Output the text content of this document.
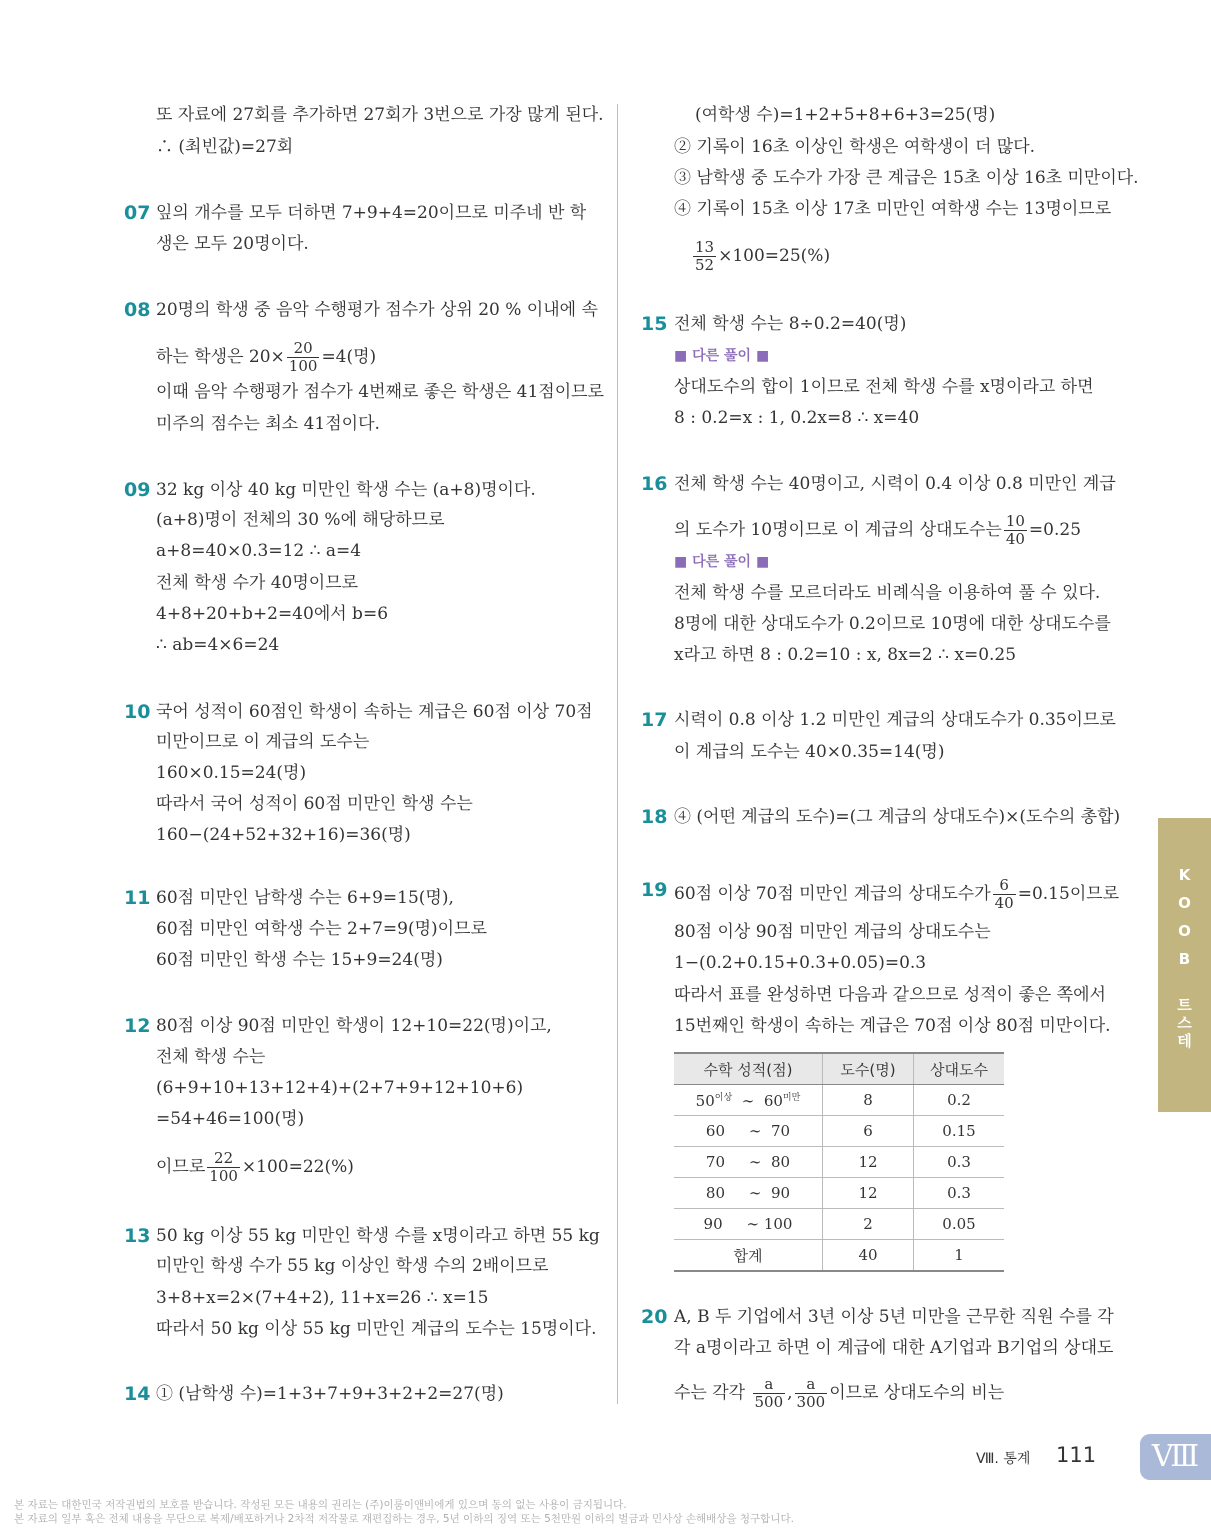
또 자료에 27회를 추가하면 27회가 3번으로 가장 많게 된다.
∴ (최빈값)=27회
07 잎의 개수를 모두 더하면 7+9+4=20이므로 미주네 반 학
생은 모두 20명이다.
08 20명의 학생 중 음악 수행평가 점수가 상위 20 % 이내에 속
하는 학생은 $20\times \frac{20}{100} =4$(명)
이때 음악 수행평가 점수가 4번째로 좋은 학생은 41점이므로
미주의 점수는 최소 41점이다.
09 32 kg 이상 40 kg 미만인 학생 수는 (a+8)명이다.
(a+8)명이 전체의 30 %에 해당하므로
a+8=40×0.3=12 ∴ a=4
전체 학생 수가 40명이므로
4+8+20+b+2=40에서 b=6
∴ ab=4×6=24
10 국어 성적이 60점인 학생이 속하는 계급은 60점 이상 70점
미만이므로 이 계급의 도수는
160×0.15=24(명)
따라서 국어 성적이 60점 미만인 학생 수는
160−(24+52+32+16)=36(명)
11 60점 미만인 남학생 수는 6+9=15(명),
60점 미만인 여학생 수는 2+7=9(명)이므로
60점 미만인 학생 수는 15+9=24(명)
12 80점 이상 90점 미만인 학생이 12+10=22(명)이고,
전체 학생 수는
(6+9+10+13+12+4)+(2+7+9+12+10+6)
=54+46=100(명)
이므로 $\frac{22}{100} \times 100=22(\%)$
13 50 kg 이상 55 kg 미만인 학생 수를 x명이라고 하면 55 kg
미만인 학생 수가 55 kg 이상인 학생 수의 2배이므로
3+8+x=2×(7+4+2), 11+x=26 ∴ x=15
따라서 50 kg 이상 55 kg 미만인 계급의 도수는 15명이다.
14 ① (남학생 수)=1+3+7+9+3+2+2=27(명)
(여학생 수)=1+2+5+8+6+3=25(명)
② 기록이 16초 이상인 학생은 여학생이 더 많다.
③ 남학생 중 도수가 가장 큰 계급은 15초 이상 16초 미만이다.
④ 기록이 15초 이상 17초 미만인 여학생 수는 13명이므로
$\frac{13}{52} \times 100=25(\%)$
15 전체 학생 수는 8÷0.2=40(명)
■ 다른 풀이 ■
상대도수의 합이 1이므로 전체 학생 수를 x명이라고 하면
8 : 0.2=x : 1, 0.2x=8 ∴ x=40
16 전체 학생 수는 40명이고, 시력이 0.4 이상 0.8 미만인 계급
의 도수가 10명이므로 이 계급의 상대도수는 $\frac{10}{40} =0.25$
■ 다른 풀이 ■
전체 학생 수를 모르더라도 비례식을 이용하여 풀 수 있다.
8명에 대한 상대도수가 0.2이므로 10명에 대한 상대도수를
x라고 하면 8 : 0.2=10 : x, 8x=2 ∴ x=0.25
17 시력이 0.8 이상 1.2 미만인 계급의 상대도수가 0.35이므로
이 계급의 도수는 40×0.35=14(명)
18 ④ (어떤 계급의 도수)=(그 계급의 상대도수)×(도수의 총합)
19 60점 이상 70점 미만인 계급의 상대도수가 $\frac{6}{40} =0.15$이므로
80점 이상 90점 미만인 계급의 상대도수는
1−(0.2+0.15+0.3+0.05)=0.3
따라서 표를 완성하면 다음과 같으므로 성적이 좋은 쪽에서
15번째인 학생이 속하는 계급은 70점 이상 80점 미만이다.
20 A, B 두 기업에서 3년 이상 5년 미만을 근무한 직원 수를 각
각 a명이라고 하면 이 계급에 대한 A기업과 B기업의 상대도
수는 각각 $\frac{a}{500}$ , $\frac{a}{300}$ 이므로 상대도수의 비는
수학 성적(점)	도수(명)	상대도수
$50^{이상}$ ∼ $60^{미만}$	8	0.2
60 ∼ 70	6	0.15
70 ∼ 80	12	0.3
80 ∼ 90	12	0.3
90 ∼ 100	2	0.05
합계	40	1
테
스
트
B
O
O
K
Ⅷ. 통계 111	Ⅷ
본 자료는 대한민국 저작권법의 보호를 받습니다. 작성된 모든 내용의 권리는 (주)이룸이앤비에게 있으며 동의 없는 사용이 금지됩니다.
본 자료의 일부 혹은 전체 내용을 무단으로 복제/배포하거나 2차적 저작물로 재편집하는 경우, 5년 이하의 징역 또는 5천만원 이하의 벌금과 민사상 손해배상을 청구합니다.
